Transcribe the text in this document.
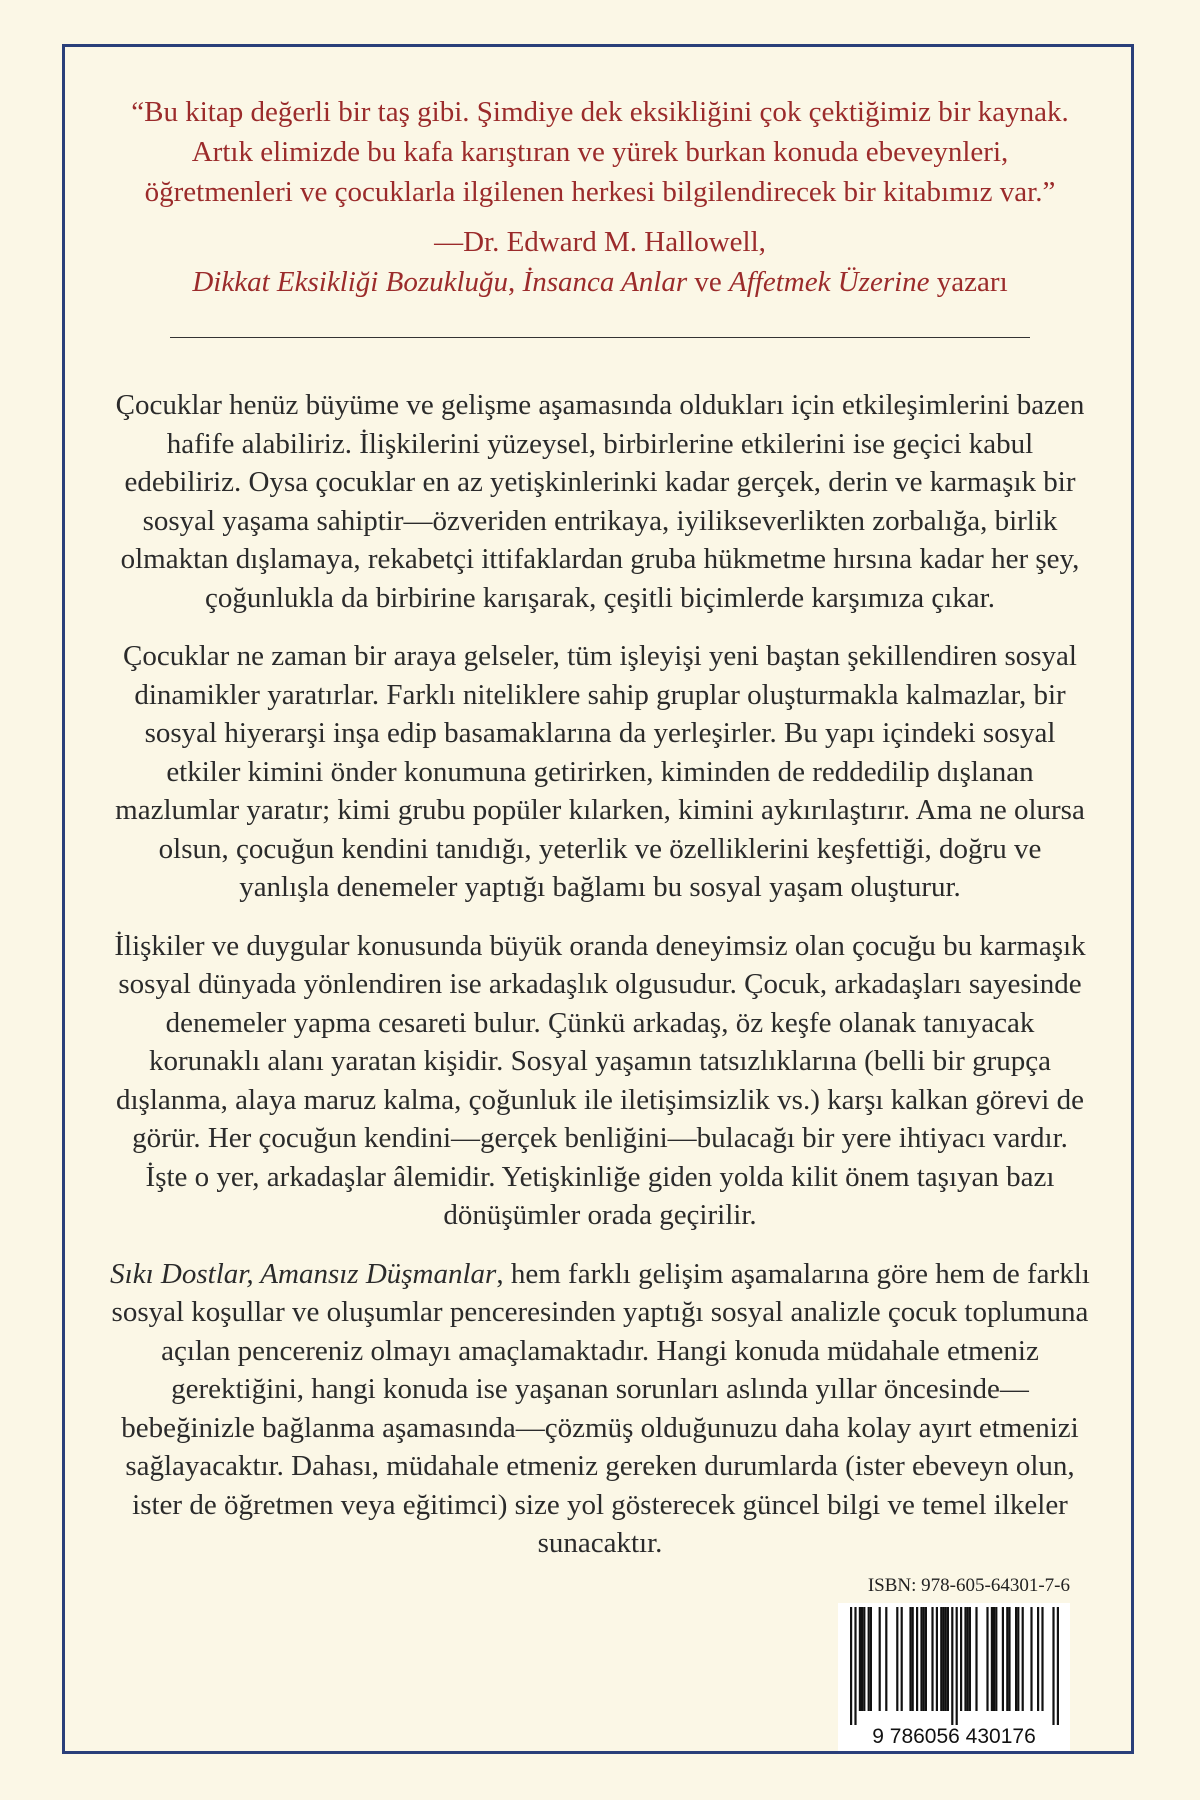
“Bu kitap değerli bir taş gibi. Şimdiye dek eksikliğini çok çektiğimiz bir kaynak. Artık elimizde bu kafa karıştıran ve yürek burkan konuda ebeveynleri, öğretmenleri ve çocuklarla ilgilenen herkesi bilgilendirecek bir kitabımız var.”

—Dr. Edward M. Hallowell,
Dikkat Eksikliği Bozukluğu, İnsanca Anlar ve Affetmek Üzerine yazarı

Çocuklar henüz büyüme ve gelişme aşamasında oldukları için etkileşimlerini bazen hafife alabiliriz. İlişkilerini yüzeysel, birbirlerine etkilerini ise geçici kabul edebiliriz. Oysa çocuklar en az yetişkinlerinki kadar gerçek, derin ve karmaşık bir sosyal yaşama sahiptir—özveriden entrikaya, iyilikseverlikten zorbalığa, birlik olmaktan dışlamaya, rekabetçi ittifaklardan gruba hükmetme hırsına kadar her şey, çoğunlukla da birbirine karışarak, çeşitli biçimlerde karşımıza çıkar.

Çocuklar ne zaman bir araya gelseler, tüm işleyişi yeni baştan şekillendiren sosyal dinamikler yaratırlar. Farklı niteliklere sahip gruplar oluşturmakla kalmazlar, bir sosyal hiyerarşi inşa edip basamaklarına da yerleşirler. Bu yapı içindeki sosyal etkiler kimini önder konumuna getirirken, kiminden de reddedilip dışlanan mazlumlar yaratır; kimi grubu popüler kılarken, kimini aykırılaştırır. Ama ne olursa olsun, çocuğun kendini tanıdığı, yeterlik ve özelliklerini keşfettiği, doğru ve yanlışla denemeler yaptığı bağlamı bu sosyal yaşam oluşturur.

İlişkiler ve duygular konusunda büyük oranda deneyimsiz olan çocuğu bu karmaşık sosyal dünyada yönlendiren ise arkadaşlık olgusudur. Çocuk, arkadaşları sayesinde denemeler yapma cesareti bulur. Çünkü arkadaş, öz keşfe olanak tanıyacak korunaklı alanı yaratan kişidir. Sosyal yaşamın tatsızlıklarına (belli bir grupça dışlanma, alaya maruz kalma, çoğunluk ile iletişimsizlik vs.) karşı kalkan görevi de görür. Her çocuğun kendini—gerçek benliğini—bulacağı bir yere ihtiyacı vardır. İşte o yer, arkadaşlar âlemidir. Yetişkinliğe giden yolda kilit önem taşıyan bazı dönüşümler orada geçirilir.

Sıkı Dostlar, Amansız Düşmanlar, hem farklı gelişim aşamalarına göre hem de farklı sosyal koşullar ve oluşumlar penceresinden yaptığı sosyal analizle çocuk toplumuna açılan pencereniz olmayı amaçlamaktadır. Hangi konuda müdahale etmeniz gerektiğini, hangi konuda ise yaşanan sorunları aslında yıllar öncesinde—bebeğinizle bağlanma aşamasında—çözmüş olduğunuzu daha kolay ayırt etmenizi sağlayacaktır. Dahası, müdahale etmeniz gereken durumlarda (ister ebeveyn olun, ister de öğretmen veya eğitimci) size yol gösterecek güncel bilgi ve temel ilkeler sunacaktır.

ISBN: 978-605-64301-7-6
9 786056 430176
